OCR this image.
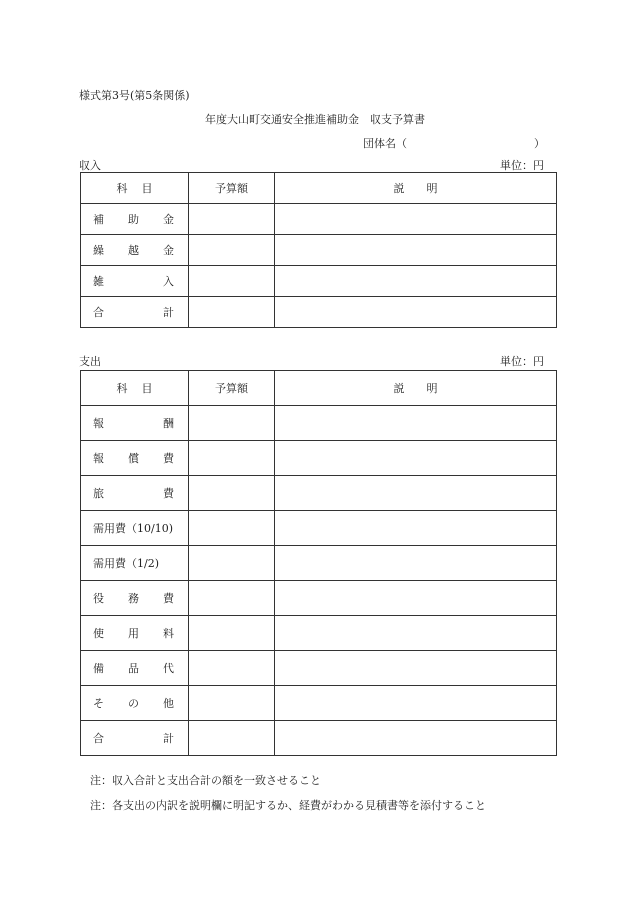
様式第3号(第5条関係)
年度大山町交通安全推進補助金　収支予算書
団体名（	）
収入	単位：円
科 目	予算額	説 明

補 助 金		

繰 越 金		

雑 入		

合 計		

支出	単位：円
科 目	予算額	説 明

報 酬		

報 償 費		

旅 費		

需用費（10/10)		

需用費（1/2)		

役 務 費		

使 用 料		

備 品 代		

そ の 他		

合 計		

注：収入合計と支出合計の額を一致させること
注：各支出の内訳を説明欄に明記するか、経費がわかる見積書等を添付すること
